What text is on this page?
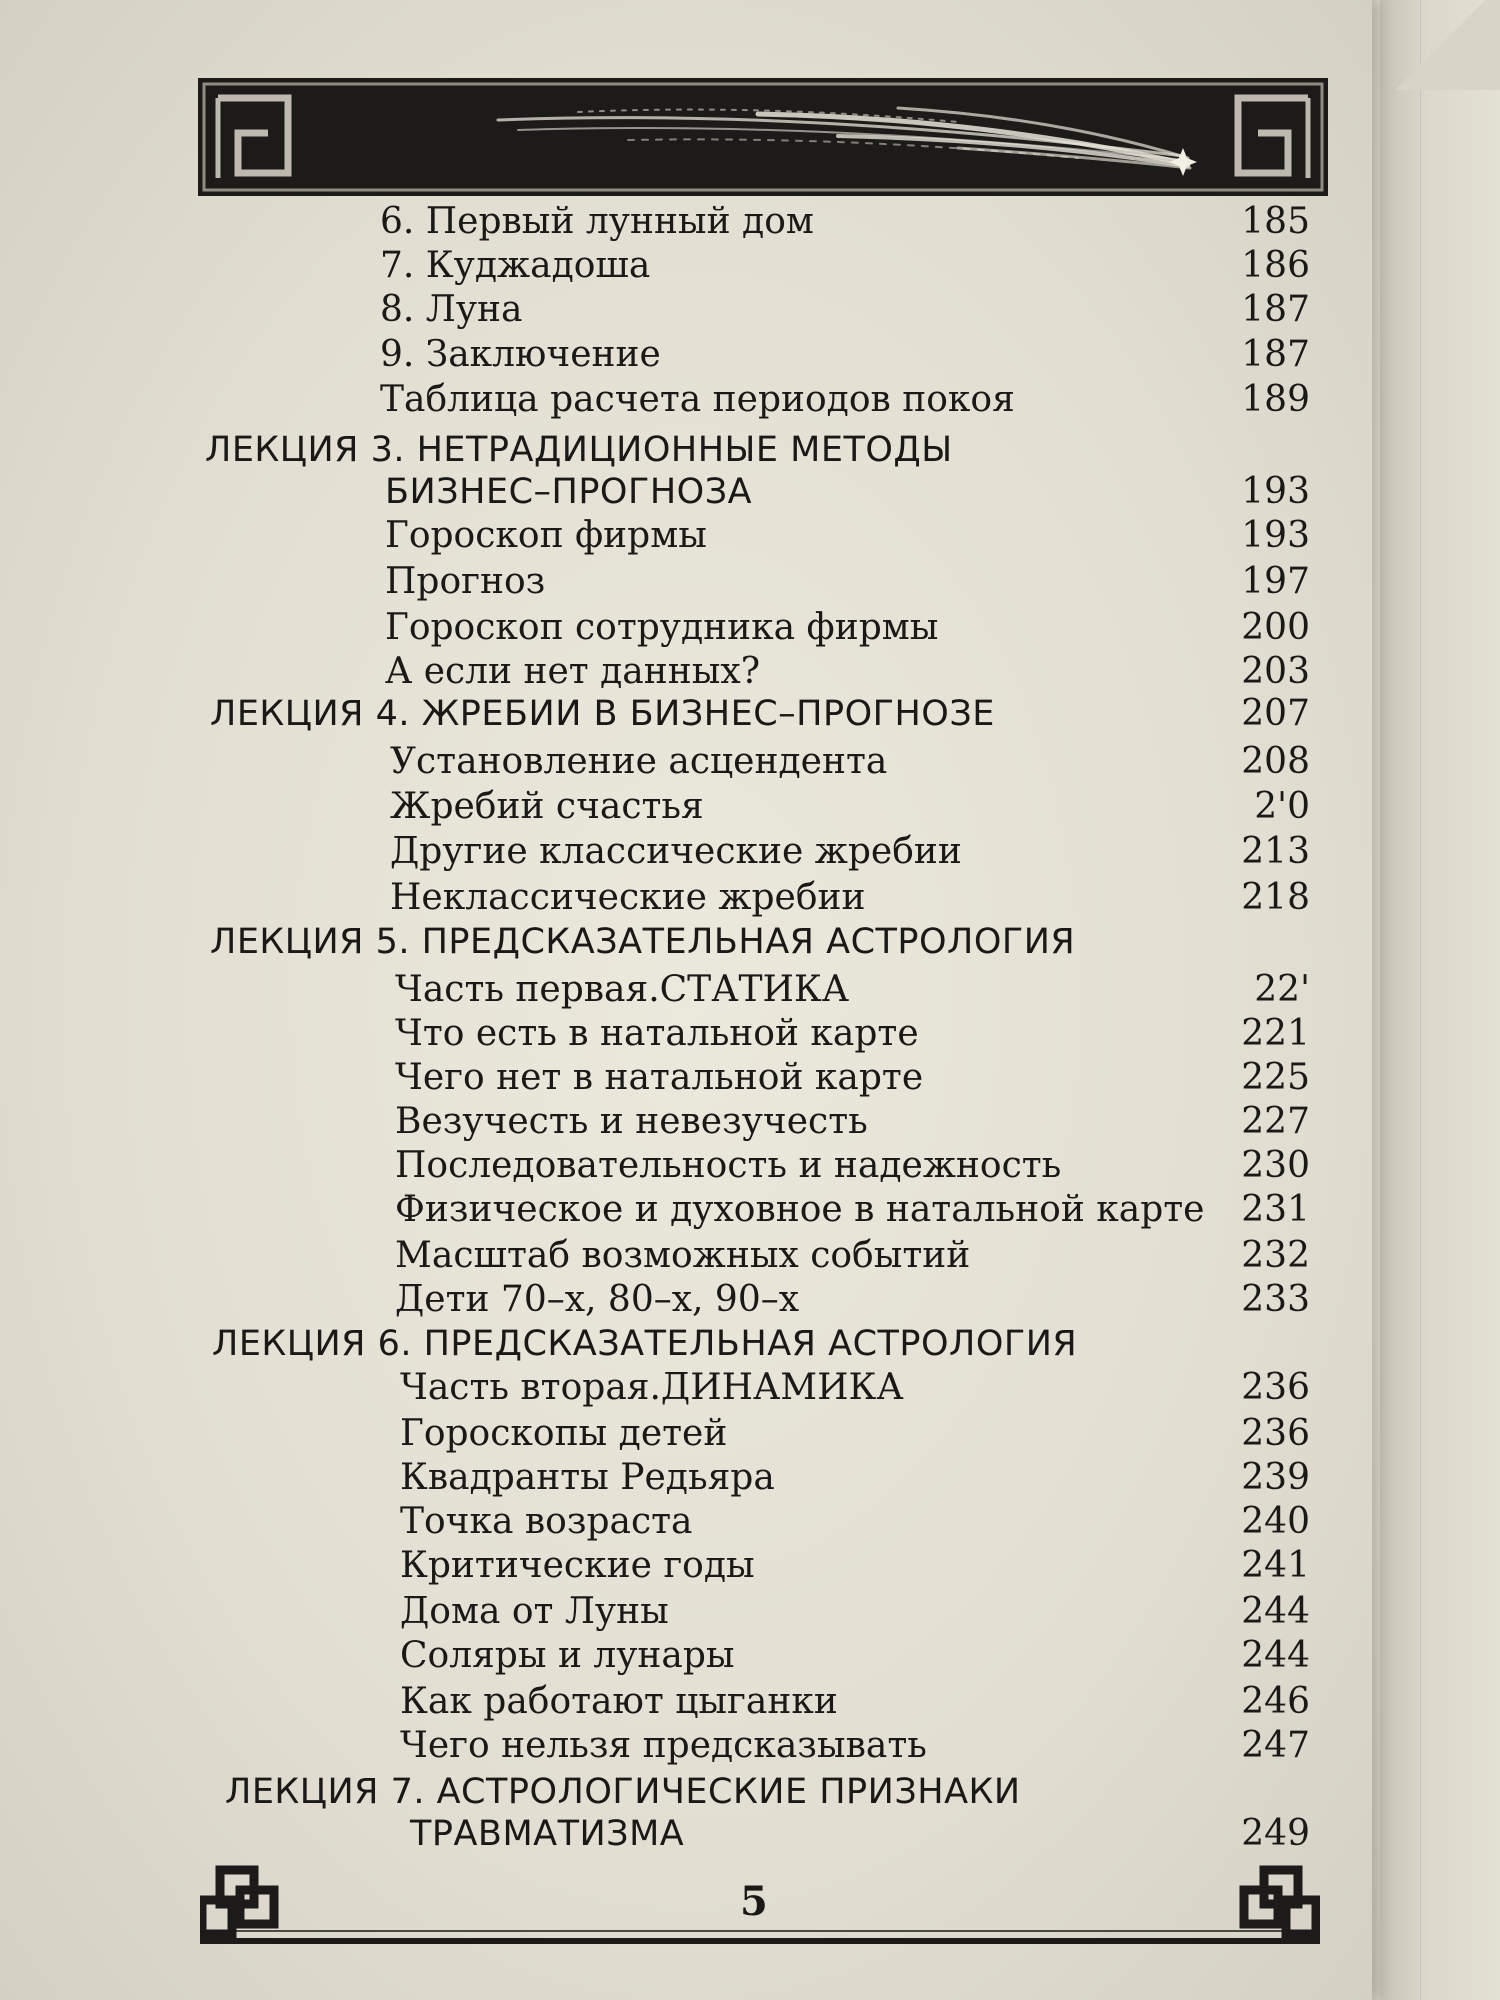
6. Первый лунный дом	185
7. Куджадоша	186
8. Луна	187
9. Заключение	187
Таблица расчета периодов покоя	189
ЛЕКЦИЯ 3. НЕТРАДИЦИОННЫЕ МЕТОДЫ
БИЗНЕС–ПРОГНОЗА	193
Гороскоп фирмы	193
Прогноз	197
Гороскоп сотрудника фирмы	200
А если нет данных?	203
ЛЕКЦИЯ 4. ЖРЕБИИ В БИЗНЕС–ПРОГНОЗЕ	207
Установление асцендента	208
Жребий счастья	2'0
Другие классические жребии	213
Неклассические жребии	218
ЛЕКЦИЯ 5. ПРЕДСКАЗАТЕЛЬНАЯ АСТРОЛОГИЯ
Часть первая.СТАТИКА	22'
Что есть в натальной карте	221
Чего нет в натальной карте	225
Везучесть и невезучесть	227
Последовательность и надежность	230
Физическое и духовное в натальной карте 231
Масштаб возможных событий	232
Дети 70–х, 80–х, 90–х	233
ЛЕКЦИЯ 6. ПРЕДСКАЗАТЕЛЬНАЯ АСТРОЛОГИЯ
Часть вторая.ДИНАМИКА	236
Гороскопы детей	236
Квадранты Редьяра	239
Точка возраста	240
Критические годы	241
Дома от Луны	244
Соляры и лунары	244
Как работают цыганки	246
Чего нельзя предсказывать	247
ЛЕКЦИЯ 7. АСТРОЛОГИЧЕСКИЕ ПРИЗНАКИ
ТРАВМАТИЗМА	249
5
